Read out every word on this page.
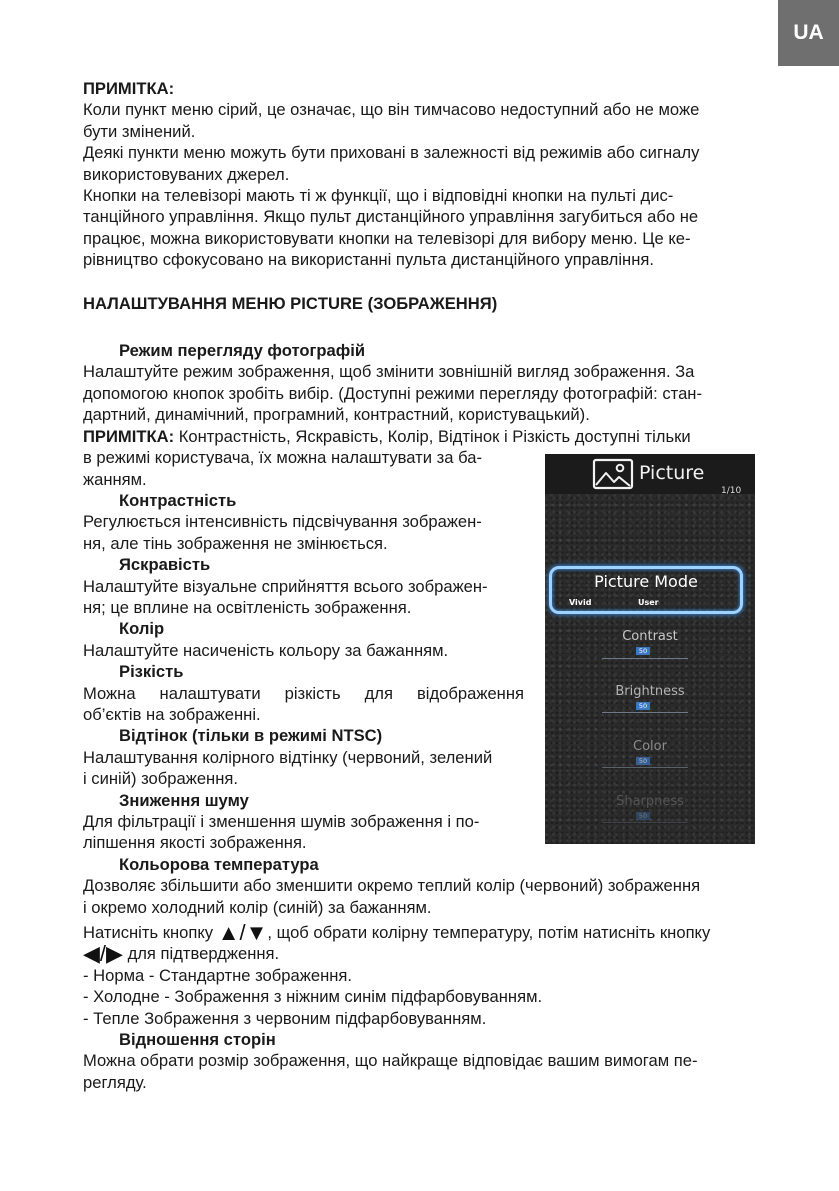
UA

ПРИМІТКА:

Коли пункт меню сірий, це означає, що він тимчасово недоступний або не може

бути змінений.

Деякі пункти меню можуть бути приховані в залежності від режимів або сигналу

використовуваних джерел.

Кнопки на телевізорі мають ті ж функції, що і відповідні кнопки на пульті дис-

танційного управління. Якщо пульт дистанційного управління загубиться або не

працює, можна використовувати кнопки на телевізорі для вибору меню. Це ке-

рівництво сфокусовано на використанні пульта дистанційного управління.

НАЛАШТУВАННЯ МЕНЮ PICTURE (ЗОБРАЖЕННЯ)

Режим перегляду фотографій

Налаштуйте режим зображення, щоб змінити зовнішній вигляд зображення. За

допомогою кнопок зробіть вибір. (Доступні режими перегляду фотографій: стан-

дартний, динамічний, програмний, контрастний, користувацький).

ПРИМІТКА: Контрастність, Яскравість, Колір, Відтінок і Різкість доступні тільки

в режимі користувача, їх можна налаштувати за ба-

жанням.

Контрастність

Регулюється інтенсивність підсвічування зображен-

ня, але тінь зображення не змінюється.

Яскравість

Налаштуйте візуальне сприйняття всього зображен-

ня; це вплине на освітленість зображення.

Колір

Налаштуйте насиченість кольору за бажанням.

Різкість

Можна налаштувати різкість для відображення

об’єктів на зображенні.

Відтінок (тільки в режимі NTSC)

Налаштування колірного відтінку (червоний, зелений

і синій) зображення.

Зниження шуму

Для фільтрації і зменшення шумів зображення і по-

ліпшення якості зображення.

Кольорова температура

Дозволяє збільшити або зменшити окремо теплий колір (червоний) зображення

і окремо холодний колір (синій) за бажанням.

Натисніть кнопку ▲/▼, щоб обрати колірну температуру, потім натисніть кнопку

◀/▶ для підтвердження.

- Норма - Стандартне зображення.

- Холодне - Зображення з ніжним синім підфарбовуванням.

- Тепле Зображення з червоним підфарбовуванням.

Відношення сторін

Можна обрати розмір зображення, що найкраще відповідає вашим вимогам пе-

регляду.

Picture
1/10
Picture Mode
Vivid	User
Contrast
50
Brightness
50
Color
50
Sharpness
50
